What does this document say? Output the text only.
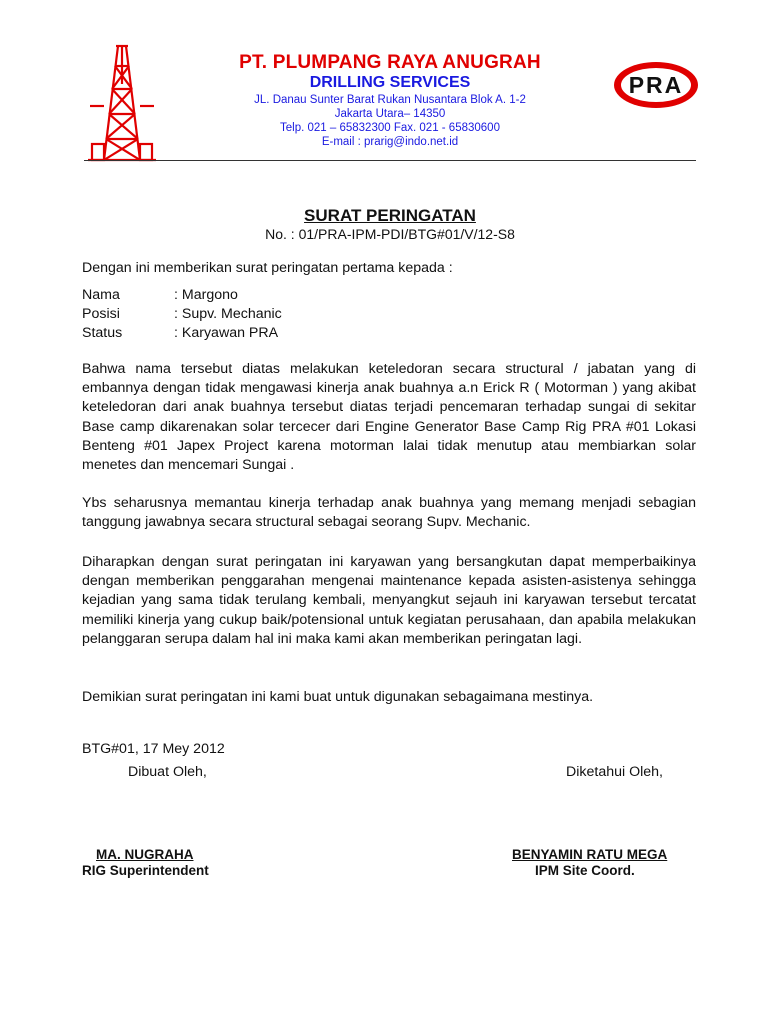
PT. PLUMPANG RAYA ANUGRAH
DRILLING SERVICES
JL. Danau Sunter Barat Rukan Nusantara Blok A. 1-2
Jakarta Utara– 14350
Telp. 021 – 65832300 Fax. 021 - 65830600
E-mail : prarig@indo.net.id
PRA
SURAT PERINGATAN
No. : 01/PRA-IPM-PDI/BTG#01/V/12-S8
Dengan ini memberikan surat peringatan pertama kepada :
Nama	: Margono
Posisi	: Supv. Mechanic
Status	: Karyawan PRA
Bahwa nama tersebut diatas melakukan keteledoran secara structural / jabatan yang di embannya dengan tidak mengawasi kinerja anak buahnya a.n Erick R ( Motorman ) yang akibat keteledoran dari anak buahnya tersebut diatas terjadi pencemaran terhadap sungai di sekitar Base camp dikarenakan solar tercecer dari Engine Generator Base Camp Rig PRA #01 Lokasi Benteng #01 Japex Project karena motorman lalai tidak menutup atau membiarkan solar menetes dan mencemari Sungai .
Ybs seharusnya memantau kinerja terhadap anak buahnya yang memang menjadi sebagian tanggung jawabnya secara structural sebagai seorang Supv. Mechanic.
Diharapkan dengan surat peringatan ini karyawan yang bersangkutan dapat memperbaikinya dengan memberikan penggarahan mengenai maintenance kepada asisten-asistenya sehingga kejadian yang sama tidak terulang kembali, menyangkut sejauh ini karyawan tersebut tercatat memiliki kinerja yang cukup baik/potensional untuk kegiatan perusahaan, dan apabila melakukan pelanggaran serupa dalam hal ini maka kami akan memberikan peringatan lagi.
Demikian surat peringatan ini kami buat untuk digunakan sebagaimana mestinya.
BTG#01, 17 Mey 2012
Dibuat Oleh,	Diketahui Oleh,
MA. NUGRAHA
RIG Superintendent
BENYAMIN RATU MEGA
IPM Site Coord.
